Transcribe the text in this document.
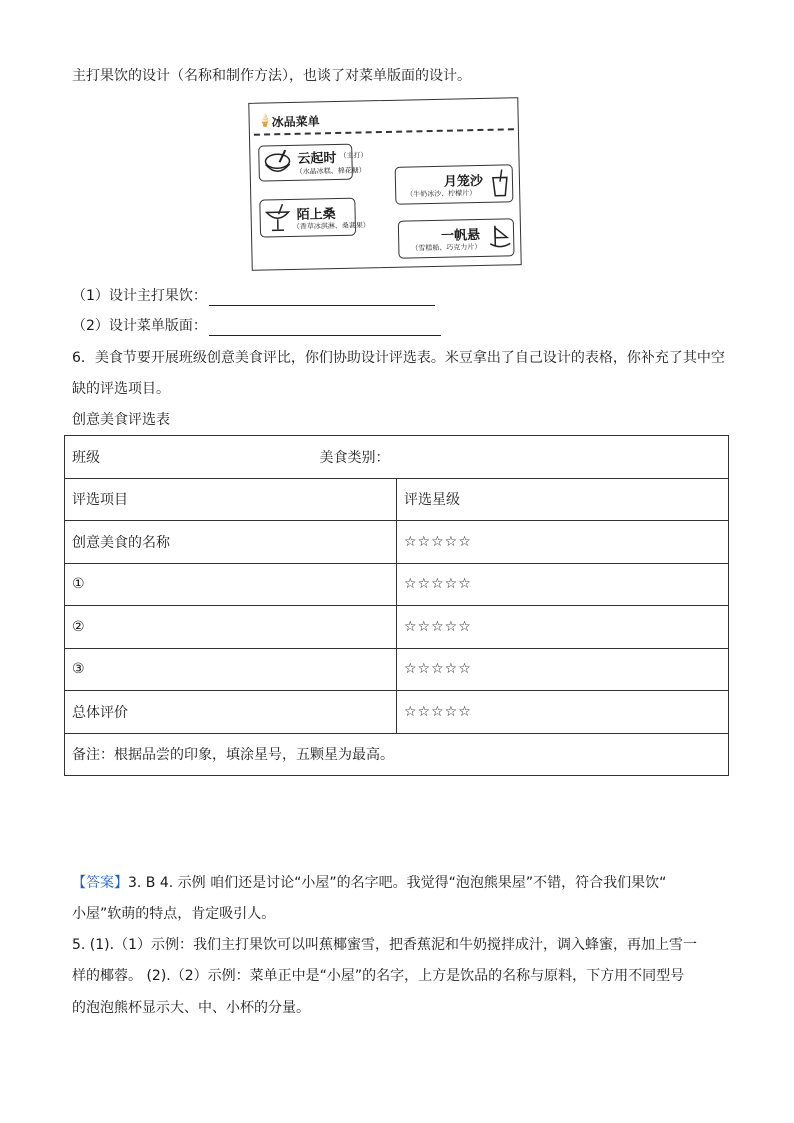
主打果饮的设计（名称和制作方法），也谈了对菜单版面的设计。
🍦
冰品菜单
云起时 （主打）
（水晶冰糕、棉花糖）
月笼沙
（牛奶冰沙、柠檬片）
陌上桑
（香草冰淇淋、桑葚果）
一帆悬
（雪糕船、巧克力片）
（1）设计主打果饮：
（2）设计菜单版面：
6．美食节要开展班级创意美食评比，你们协助设计评选表。米豆拿出了自己设计的表格，你补充了其中空
缺的评选项目。
创意美食评选表
班级 美食类别：	
评选项目	评选星级
创意美食的名称	☆☆☆☆☆
①	☆☆☆☆☆
②	☆☆☆☆☆
③	☆☆☆☆☆
总体评价	☆☆☆☆☆
备注：根据品尝的印象，填涂星号，五颗星为最高。	
【答案】3. B 4. 示例 咱们还是讨论“小屋”的名字吧。我觉得“泡泡熊果屋”不错，符合我们果饮“
小屋”软萌的特点，肯定吸引人。
5. (1).（1）示例：我们主打果饮可以叫蕉椰蜜雪，把香蕉泥和牛奶搅拌成汁，调入蜂蜜，再加上雪一
样的椰蓉。 (2).（2）示例：菜单正中是“小屋”的名字，上方是饮品的名称与原料，下方用不同型号
的泡泡熊杯显示大、中、小杯的分量。
